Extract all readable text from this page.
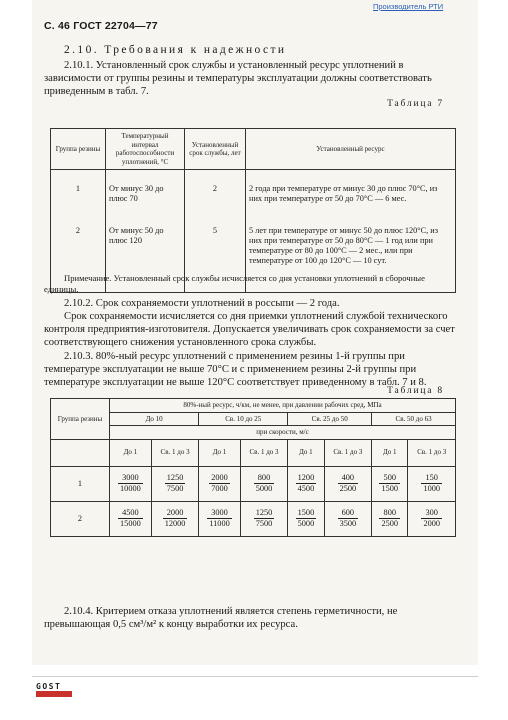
Производитель РТИ
С. 46 ГОСТ 22704—77
2.10. Требования к надежности

2.10.1. Установленный срок службы и установленный ресурс уплотнений в зависимости от группы резины и температуры эксплуатации должны соответствовать приведенным в табл. 7.

Таблица 7
Группа резины	Температурный интервал работоспособности уплотнений, °С	Установленный срок службы, лет	Установленный ресурс
1	От минус 30 до плюс 70	2	2 года при температуре от минус 30 до плюс 70°С, из них при температуре от 50 до 70°С — 6 мес.
2	От минус 50 до плюс 120	5	5 лет при температуре от минус 50 до плюс 120°С, из них при температуре от 50 до 80°С — 1 год или при температуре от 80 до 100°С — 2 мес., или при температуре от 100 до 120°С — 10 сут.

Примечание. Установленный срок службы исчисляется со дня установки уплотнений в сборочные единицы.

2.10.2. Срок сохраняемости уплотнений в россыпи — 2 года.

Срок сохраняемости исчисляется со дня приемки уплотнений службой технического контроля предприятия-изготовителя. Допускается увеличивать срок сохраняемости за счет соответствующего снижения установленного срока службы.

2.10.3. 80%-ный ресурс уплотнений с применением резины 1-й группы при температуре эксплуатации не выше 70°С и с применением резины 2-й группы при температуре эксплуатации не выше 120°С соответствует приведенному в табл. 7 и 8.

Таблица 8
Группа резины	80%-ный ресурс, ч/км, не менее, при давлении рабочих сред, МПа							
	До 10		Св. 10 до 25		Св. 25 до 50		Св. 50 до 63	
	при скорости, м/с							
	До 1	Св. 1 до 3	До 1	Св. 1 до 3	До 1	Св. 1 до 3	До 1	Св. 1 до 3
1	$\frac{3000}{10000}$	$\frac{1250}{7500}$	$\frac{2000}{7000}$	$\frac{800}{5000}$	$\frac{1200}{4500}$	$\frac{400}{2500}$	$\frac{500}{1500}$	$\frac{150}{1000}$

2	$\frac{4500}{15000}$	$\frac{2000}{12000}$	$\frac{3000}{11000}$	$\frac{1250}{7500}$	$\frac{1500}{5000}$	$\frac{600}{3500}$	$\frac{800}{2500}$	$\frac{300}{2000}$

2.10.4. Критерием отказа уплотнений является степень герметичности, не превышающая 0,5 см³/м² к концу выработки их ресурса.

GOST
